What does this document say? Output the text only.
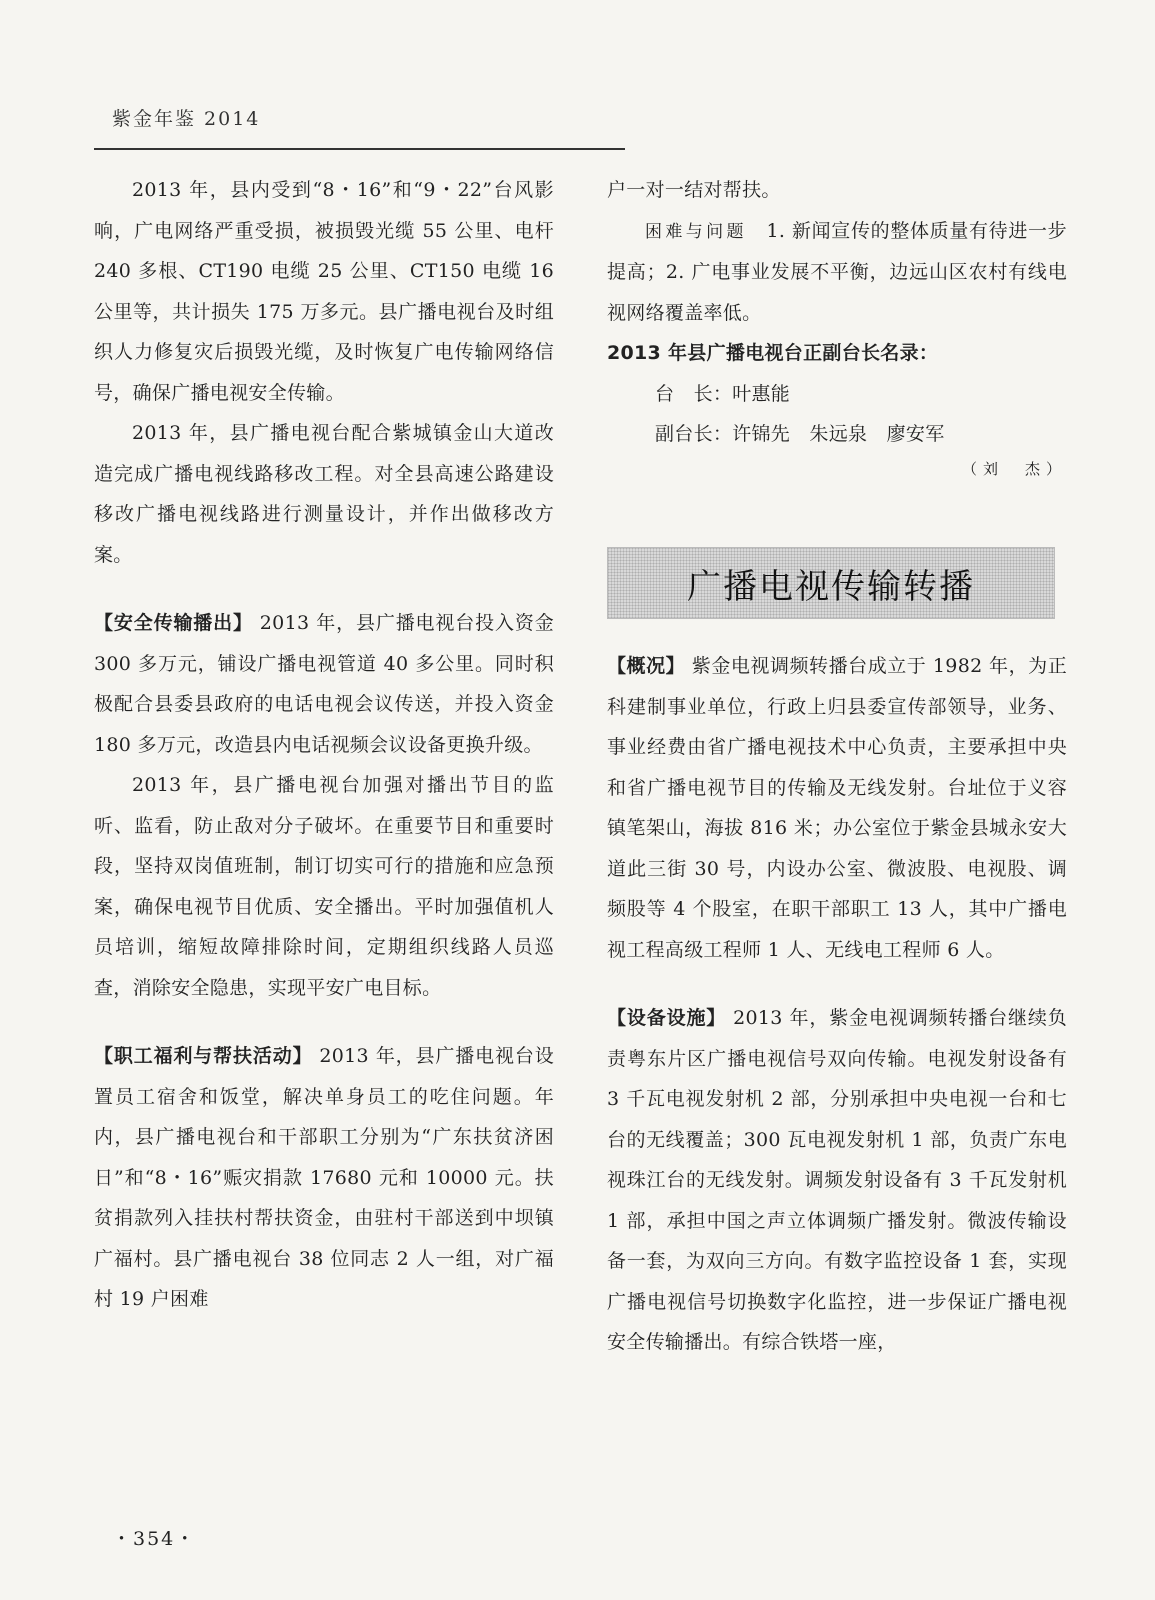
紫金年鉴 2014

2013 年，县内受到“8・16”和“9・22”台风影响，广电网络严重受损，被损毁光缆 55 公里、电杆 240 多根、CT190 电缆 25 公里、CT150 电缆 16 公里等，共计损失 175 万多元。县广播电视台及时组织人力修复灾后损毁光缆，及时恢复广电传输网络信号，确保广播电视安全传输。

2013 年，县广播电视台配合紫城镇金山大道改造完成广播电视线路移改工程。对全县高速公路建设移改广播电视线路进行测量设计，并作出做移改方案。

【安全传输播出】 2013 年，县广播电视台投入资金 300 多万元，铺设广播电视管道 40 多公里。同时积极配合县委县政府的电话电视会议传送，并投入资金 180 多万元，改造县内电话视频会议设备更换升级。

2013 年，县广播电视台加强对播出节目的监听、监看，防止敌对分子破坏。在重要节目和重要时段，坚持双岗值班制，制订切实可行的措施和应急预案，确保电视节目优质、安全播出。平时加强值机人员培训，缩短故障排除时间，定期组织线路人员巡查，消除安全隐患，实现平安广电目标。

【职工福利与帮扶活动】 2013 年，县广播电视台设置员工宿舍和饭堂，解决单身员工的吃住问题。年内，县广播电视台和干部职工分别为“广东扶贫济困日”和“8・16”赈灾捐款 17680 元和 10000 元。扶贫捐款列入挂扶村帮扶资金，由驻村干部送到中坝镇广福村。县广播电视台 38 位同志 2 人一组，对广福村 19 户困难

户一对一结对帮扶。

困难与问题　 1. 新闻宣传的整体质量有待进一步提高；2. 广电事业发展不平衡，边远山区农村有线电视网络覆盖率低。

2013 年县广播电视台正副台长名录：

台　长：叶惠能

副台长：许锦先　朱远泉　廖安军

（刘　杰）
广播电视传输转播

【概况】 紫金电视调频转播台成立于 1982 年，为正科建制事业单位，行政上归县委宣传部领导，业务、事业经费由省广播电视技术中心负责，主要承担中央和省广播电视节目的传输及无线发射。台址位于义容镇笔架山，海拔 816 米；办公室位于紫金县城永安大道此三街 30 号，内设办公室、微波股、电视股、调频股等 4 个股室，在职干部职工 13 人，其中广播电视工程高级工程师 1 人、无线电工程师 6 人。

【设备设施】 2013 年，紫金电视调频转播台继续负责粤东片区广播电视信号双向传输。电视发射设备有 3 千瓦电视发射机 2 部，分别承担中央电视一台和七台的无线覆盖；300 瓦电视发射机 1 部，负责广东电视珠江台的无线发射。调频发射设备有 3 千瓦发射机 1 部，承担中国之声立体调频广播发射。微波传输设备一套，为双向三方向。有数字监控设备 1 套，实现广播电视信号切换数字化监控，进一步保证广播电视安全传输播出。有综合铁塔一座，

・354・
